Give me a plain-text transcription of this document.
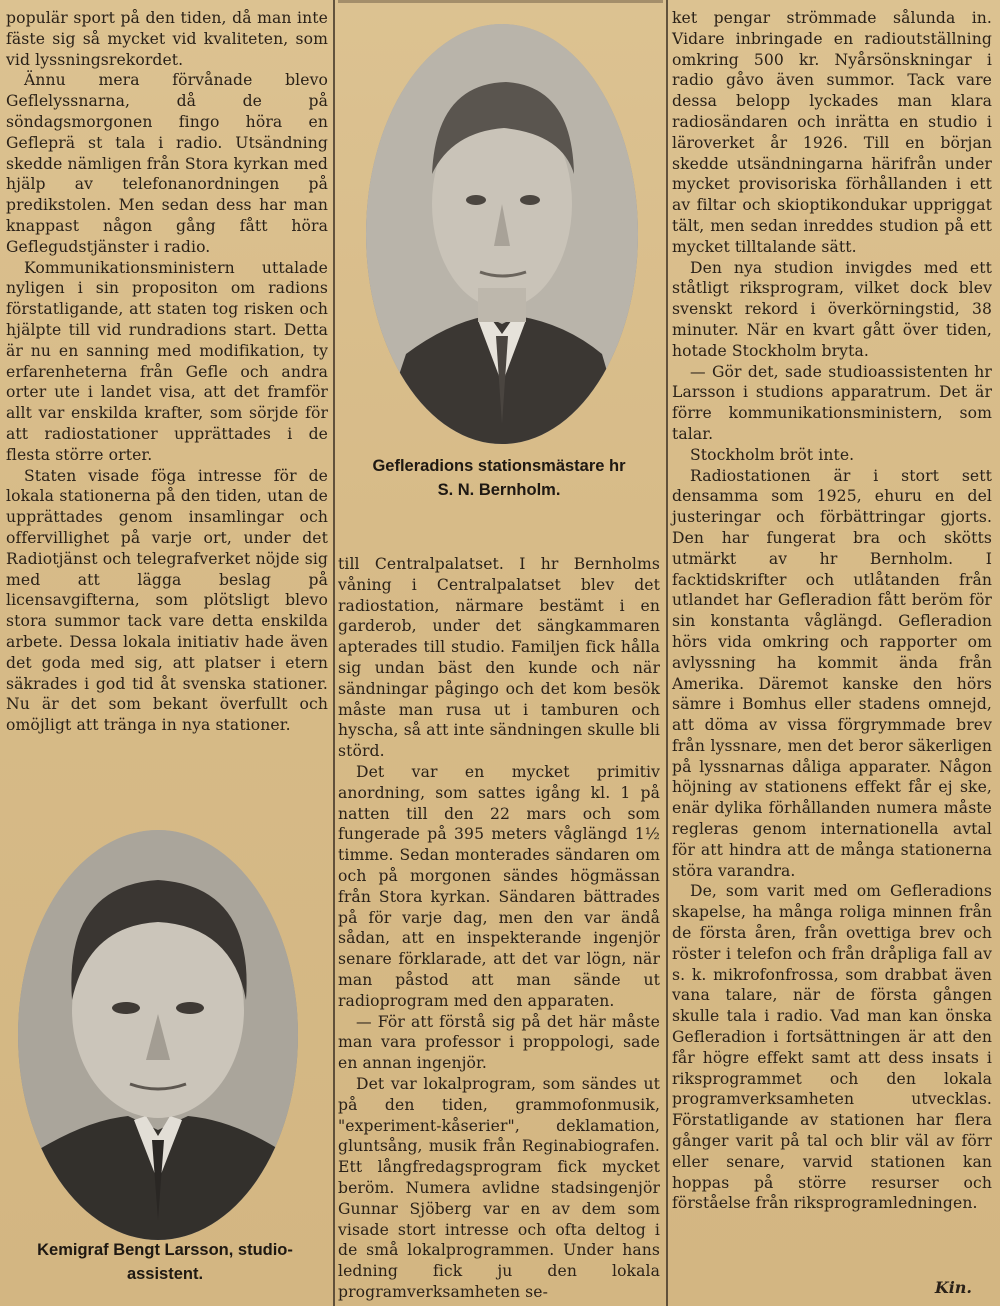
populär sport på den tiden, då man inte fäste sig så mycket vid kvaliteten, som vid lyssningsrekordet.

Ännu mera förvånade blevo Geflelyssnarna, då de på söndagsmorgonen fingo höra en Gefleprä st tala i radio. Utsändning skedde nämligen från Stora kyrkan med hjälp av telefonanordningen på predikstolen. Men sedan dess har man knappast någon gång fått höra Geflegudstjänster i radio.

Kommunikationsministern uttalade nyligen i sin propositon om radions förstatligande, att staten tog risken och hjälpte till vid rundradions start. Detta är nu en sanning med modifikation, ty erfarenheterna från Gefle och andra orter ute i landet visa, att det framför allt var enskilda krafter, som sörjde för att radiostationer upprättades i de flesta större orter.

Staten visade föga intresse för de lokala stationerna på den tiden, utan de upprättades genom insamlingar och offervillighet på varje ort, under det Radiotjänst och telegrafverket nöjde sig med att lägga beslag på licensavgifterna, som plötsligt blevo stora summor tack vare detta enskilda arbete. Dessa lokala initiativ hade även det goda med sig, att platser i etern säkrades i god tid åt svenska stationer. Nu är det som bekant överfullt och omöjligt att tränga in nya stationer.

Gefleradions stationsmästare hr
S. N. Bernholm.

till Centralpalatset. I hr Bernholms våning i Centralpalatset blev det radiostation, närmare bestämt i en garderob, under det sängkammaren apterades till studio. Familjen fick hålla sig undan bäst den kunde och när sändningar pågingo och det kom besök måste man rusa ut i tamburen och hyscha, så att inte sändningen skulle bli störd.

Det var en mycket primitiv anordning, som sattes igång kl. 1 på natten till den 22 mars och som fungerade på 395 meters våglängd 1½ timme. Sedan monterades sändaren om och på morgonen sändes högmässan från Stora kyrkan. Sändaren bättrades på för varje dag, men den var ändå sådan, att en inspekterande ingenjör senare förklarade, att det var lögn, när man påstod att man sände ut radioprogram med den apparaten.

— För att förstå sig på det här måste man vara professor i proppologi, sade en annan ingenjör.

Det var lokalprogram, som sändes ut på den tiden, grammofonmusik, "experiment-kåserier", deklamation, gluntsång, musik från Reginabiografen. Ett långfredagsprogram fick mycket beröm. Numera avlidne stadsingenjör Gunnar Sjöberg var en av dem som visade stort intresse och ofta deltog i de små lokalprogrammen. Under hans ledning fick ju den lokala programverksamheten se-

ket pengar strömmade sålunda in. Vidare inbringade en radioutställning omkring 500 kr. Nyårsönskningar i radio gåvo även summor. Tack vare dessa belopp lyckades man klara radiosändaren och inrätta en studio i läroverket år 1926. Till en början skedde utsändningarna härifrån under mycket provisoriska förhållanden i ett av filtar och skioptikondukar uppriggat tält, men sedan inreddes studion på ett mycket tilltalande sätt.

Den nya studion invigdes med ett ståtligt riksprogram, vilket dock blev svenskt rekord i överkörningstid, 38 minuter. När en kvart gått över tiden, hotade Stockholm bryta.

— Gör det, sade studioassistenten hr Larsson i studions apparatrum. Det är förre kommunikationsministern, som talar.

Stockholm bröt inte.

Radiostationen är i stort sett densamma som 1925, ehuru en del justeringar och förbättringar gjorts. Den har fungerat bra och skötts utmärkt av hr Bernholm. I facktidskrifter och utlåtanden från utlandet har Gefleradion fått beröm för sin konstanta våglängd. Gefleradion hörs vida omkring och rapporter om avlyssning ha kommit ända från Amerika. Däremot kanske den hörs sämre i Bomhus eller stadens omnejd, att döma av vissa förgrymmade brev från lyssnare, men det beror säkerligen på lyssnarnas dåliga apparater. Någon höjning av stationens effekt får ej ske, enär dylika förhållanden numera måste regleras genom internationella avtal för att hindra att de många stationerna störa varandra.

De, som varit med om Gefleradions skapelse, ha många roliga minnen från de första åren, från ovettiga brev och röster i telefon och från dråpliga fall av s. k. mikrofonfrossa, som drabbat även vana talare, när de första gången skulle tala i radio. Vad man kan önska Gefleradion i fortsättningen är att den får högre effekt samt att dess insats i riksprogrammet och den lokala programverksamheten utvecklas. Förstatligande av stationen har flera gånger varit på tal och blir väl av förr eller senare, varvid stationen kan hoppas på större resurser och förståelse från riksprogramledningen.

Kemigraf Bengt Larsson, studio-
assistent.
Kin.
